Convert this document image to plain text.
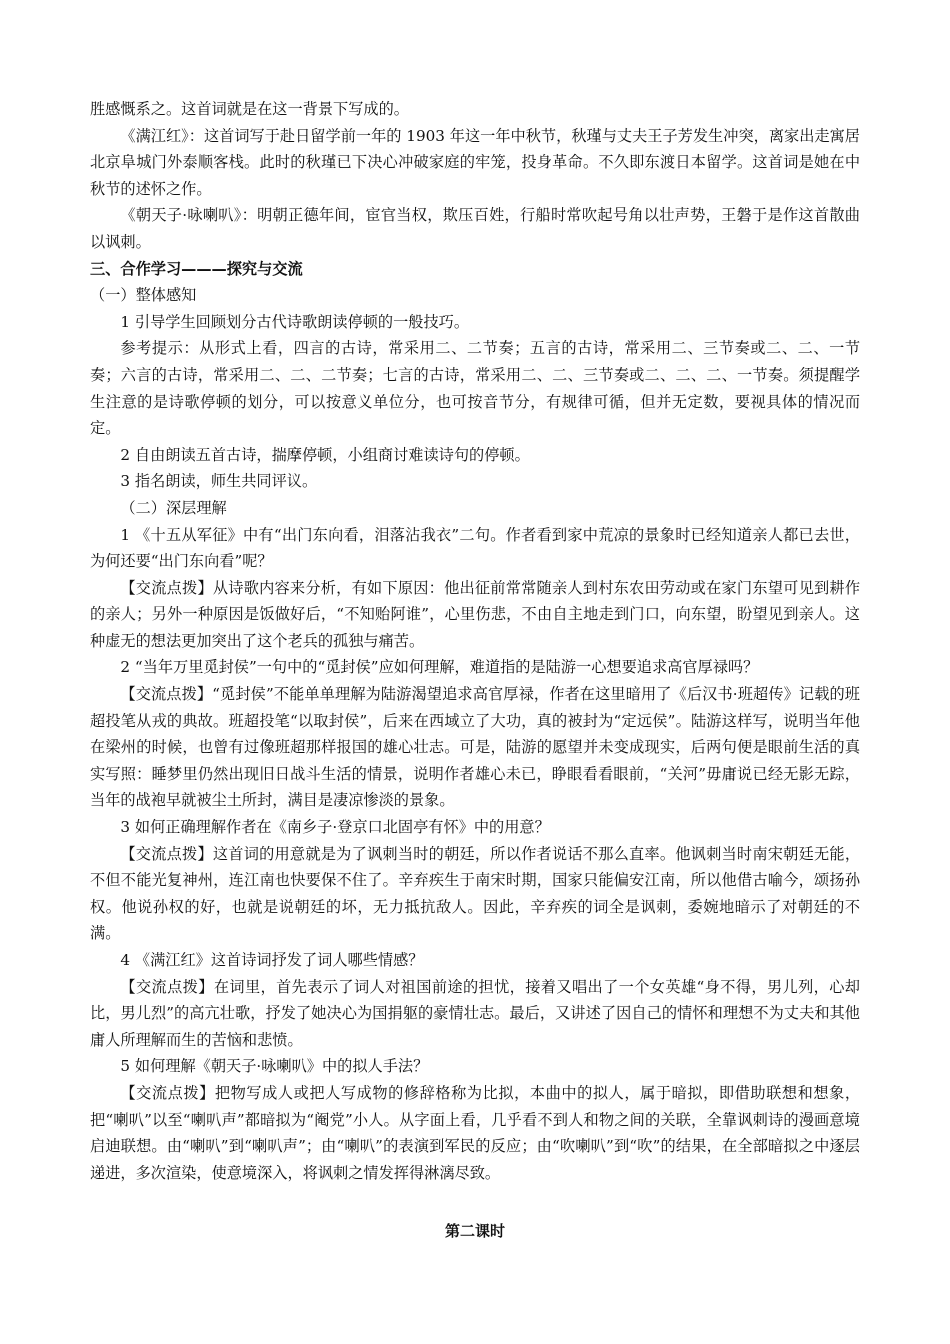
胜感慨系之。这首词就是在这一背景下写成的。

《满江红》：这首词写于赴日留学前一年的 1903 年这一年中秋节，秋瑾与丈夫王子芳发生冲突，离家出走寓居北京阜城门外泰顺客栈。此时的秋瑾已下决心冲破家庭的牢笼，投身革命。不久即东渡日本留学。这首词是她在中秋节的述怀之作。

《朝天子·咏喇叭》：明朝正德年间，宦官当权，欺压百姓，行船时常吹起号角以壮声势，王磐于是作这首散曲以讽刺。

三、合作学习———探究与交流

（一）整体感知

1 引导学生回顾划分古代诗歌朗读停顿的一般技巧。

参考提示：从形式上看，四言的古诗，常采用二、二节奏；五言的古诗，常采用二、三节奏或二、二、一节奏；六言的古诗，常采用二、二、二节奏；七言的古诗，常采用二、二、三节奏或二、二、二、一节奏。须提醒学生注意的是诗歌停顿的划分，可以按意义单位分，也可按音节分，有规律可循，但并无定数，要视具体的情况而定。

2 自由朗读五首古诗，揣摩停顿，小组商讨难读诗句的停顿。

3 指名朗读，师生共同评议。

（二）深层理解

1 《十五从军征》中有“出门东向看，泪落沾我衣”二句。作者看到家中荒凉的景象时已经知道亲人都已去世，为何还要“出门东向看”呢？

【交流点拨】从诗歌内容来分析，有如下原因：他出征前常常随亲人到村东农田劳动或在家门东望可见到耕作的亲人；另外一种原因是饭做好后，“不知贻阿谁”，心里伤悲，不由自主地走到门口，向东望，盼望见到亲人。这种虚无的想法更加突出了这个老兵的孤独与痛苦。

2 “当年万里觅封侯”一句中的“觅封侯”应如何理解，难道指的是陆游一心想要追求高官厚禄吗？

【交流点拨】“觅封侯”不能单单理解为陆游渴望追求高官厚禄，作者在这里暗用了《后汉书·班超传》记载的班超投笔从戎的典故。班超投笔“以取封侯”，后来在西域立了大功，真的被封为“定远侯”。陆游这样写，说明当年他在梁州的时候，也曾有过像班超那样报国的雄心壮志。可是，陆游的愿望并未变成现实，后两句便是眼前生活的真实写照：睡梦里仍然出现旧日战斗生活的情景，说明作者雄心未已，睁眼看看眼前，“关河”毋庸说已经无影无踪，当年的战袍早就被尘土所封，满目是凄凉惨淡的景象。

3 如何正确理解作者在《南乡子·登京口北固亭有怀》中的用意？

【交流点拨】这首词的用意就是为了讽刺当时的朝廷，所以作者说话不那么直率。他讽刺当时南宋朝廷无能，不但不能光复神州，连江南也快要保不住了。辛弃疾生于南宋时期，国家只能偏安江南，所以他借古喻今，颂扬孙权。他说孙权的好，也就是说朝廷的坏，无力抵抗敌人。因此，辛弃疾的词全是讽刺，委婉地暗示了对朝廷的不满。

4 《满江红》这首诗词抒发了词人哪些情感？

【交流点拨】在词里，首先表示了词人对祖国前途的担忧，接着又唱出了一个女英雄“身不得，男儿列，心却比，男儿烈”的高亢壮歌，抒发了她决心为国捐躯的豪情壮志。最后，又讲述了因自己的情怀和理想不为丈夫和其他庸人所理解而生的苦恼和悲愤。

5 如何理解《朝天子·咏喇叭》中的拟人手法？

【交流点拨】把物写成人或把人写成物的修辞格称为比拟，本曲中的拟人，属于暗拟，即借助联想和想象，把“喇叭”以至“喇叭声”都暗拟为“阉党”小人。从字面上看，几乎看不到人和物之间的关联，全靠讽刺诗的漫画意境启迪联想。由“喇叭”到“喇叭声”；由“喇叭”的表演到军民的反应；由“吹喇叭”到“吹”的结果，在全部暗拟之中逐层递进，多次渲染，使意境深入，将讽刺之情发挥得淋漓尽致。

第二课时
